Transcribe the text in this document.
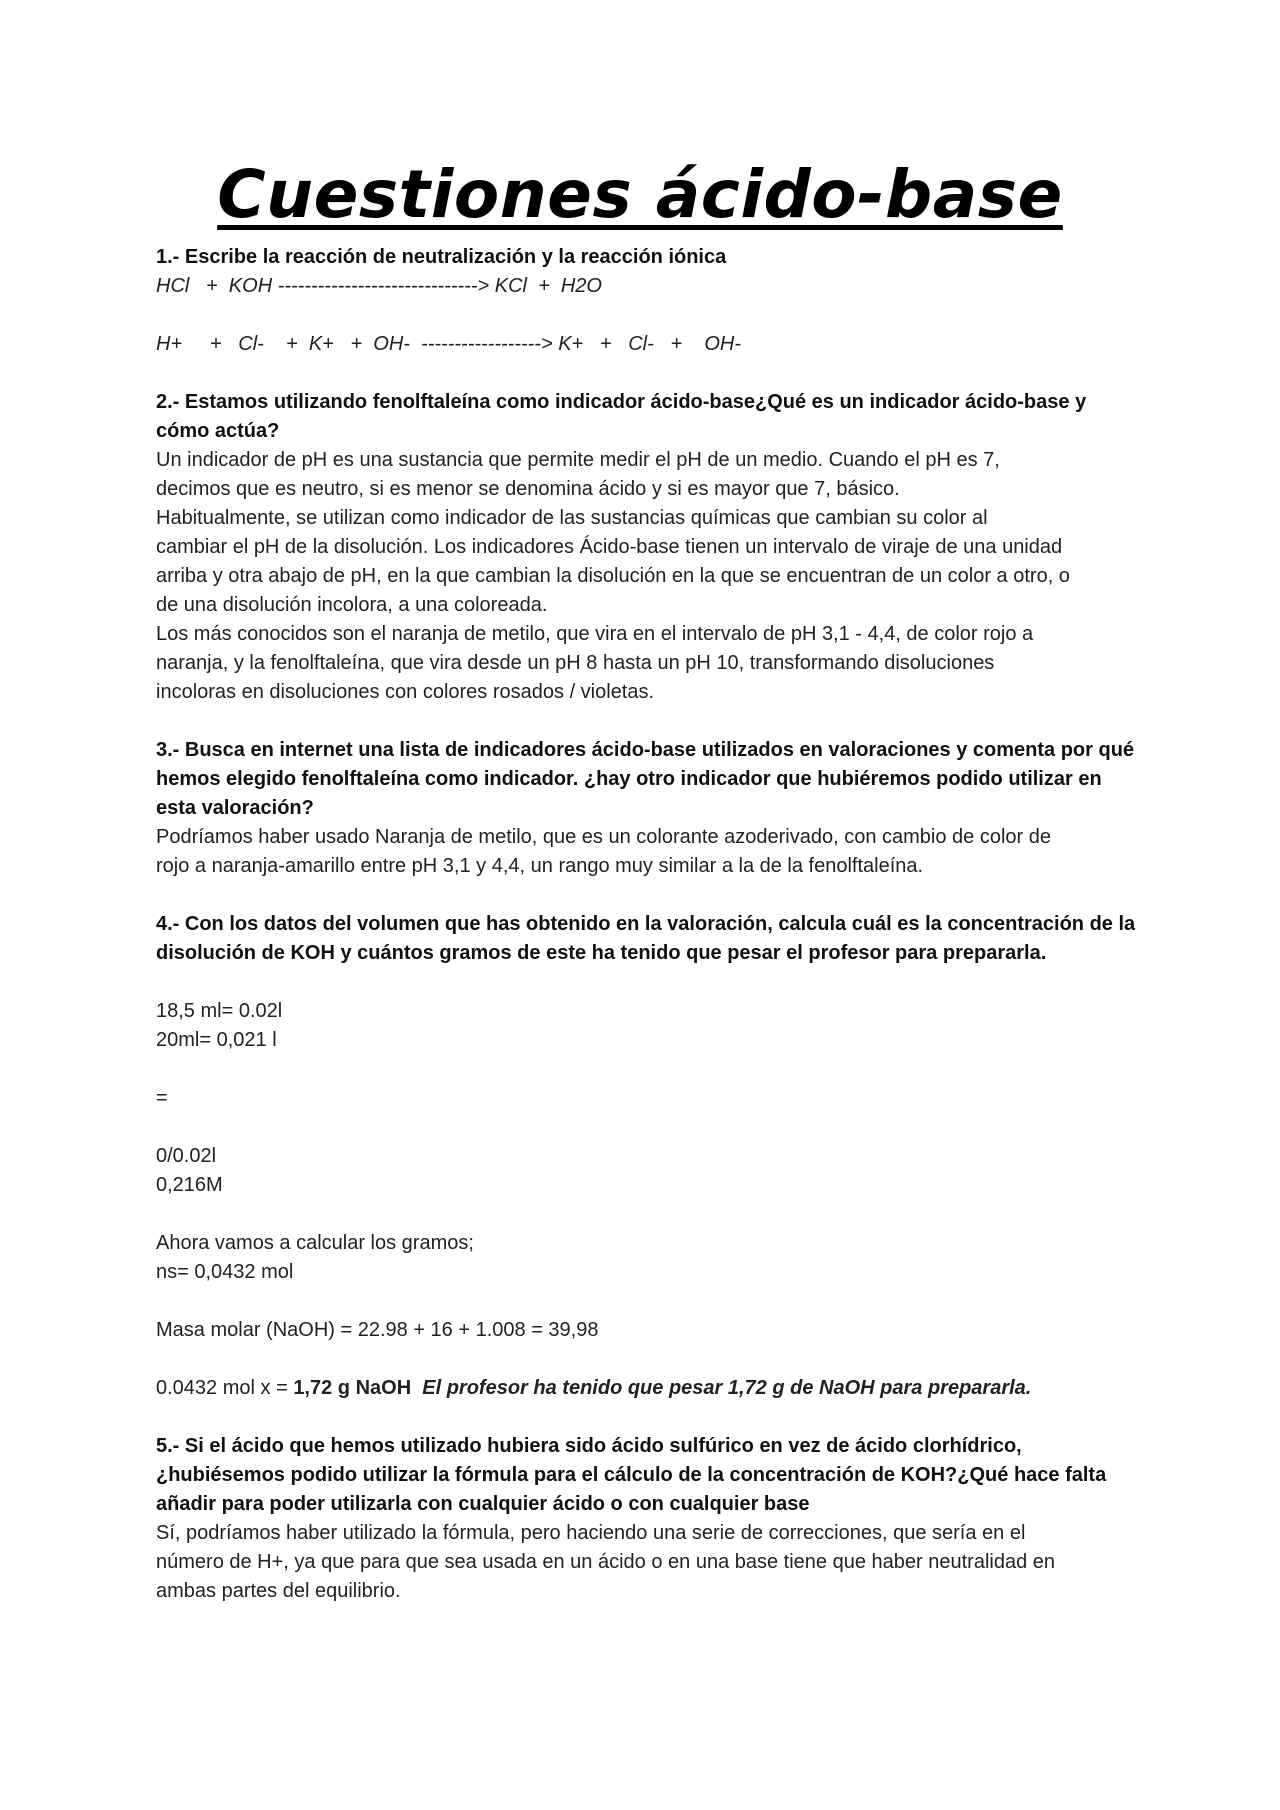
Cuestiones ácido-base
1.- Escribe la reacción de neutralización y la reacción iónica
HCl   +  KOH ------------------------------> KCl  +  H2O
H+     +   Cl-    +  K+   +  OH-  ------------------> K+   +   Cl-   +    OH-
2.- Estamos utilizando fenolftaleína como indicador ácido-base¿Qué es un indicador ácido-base y cómo actúa?
Un indicador de pH es una sustancia que permite medir el pH de un medio. Cuando el pH es 7,
decimos que es neutro, si es menor se denomina ácido y si es mayor que 7, básico.
Habitualmente, se utilizan como indicador de las sustancias químicas que cambian su color al
cambiar el pH de la disolución. Los indicadores Ácido-base tienen un intervalo de viraje de una unidad
arriba y otra abajo de pH, en la que cambian la disolución en la que se encuentran de un color a otro, o
de una disolución incolora, a una coloreada.
Los más conocidos son el naranja de metilo, que vira en el intervalo de pH 3,1 - 4,4, de color rojo a
naranja, y la fenolftaleína, que vira desde un pH 8 hasta un pH 10, transformando disoluciones
incoloras en disoluciones con colores rosados / violetas.
3.- Busca en internet una lista de indicadores ácido-base utilizados en valoraciones y comenta por qué hemos elegido fenolftaleína como indicador. ¿hay otro indicador que hubiéremos podido utilizar en esta valoración?
Podríamos haber usado Naranja de metilo, que es un colorante azoderivado, con cambio de color de
rojo a naranja-amarillo entre pH 3,1 y 4,4, un rango muy similar a la de la fenolftaleína.
4.- Con los datos del volumen que has obtenido en la valoración, calcula cuál es la concentración de la disolución de KOH y cuántos gramos de este ha tenido que pesar el profesor para prepararla.
18,5 ml= 0.02l
20ml= 0,021 l
=
0/0.02l
0,216M
Ahora vamos a calcular los gramos;
ns= 0,0432 mol
Masa molar (NaOH) = 22.98 + 16 + 1.008 = 39,98
0.0432 mol x = 1,72 g NaOH El profesor ha tenido que pesar 1,72 g de NaOH para prepararla.
5.- Si el ácido que hemos utilizado hubiera sido ácido sulfúrico en vez de ácido clorhídrico,¿hubiésemos podido utilizar la fórmula para el cálculo de la concentración de KOH?¿Qué hace falta añadir para poder utilizarla con cualquier ácido o con cualquier base
Sí, podríamos haber utilizado la fórmula, pero haciendo una serie de correcciones, que sería en el
número de H+, ya que para que sea usada en un ácido o en una base tiene que haber neutralidad en
ambas partes del equilibrio.
